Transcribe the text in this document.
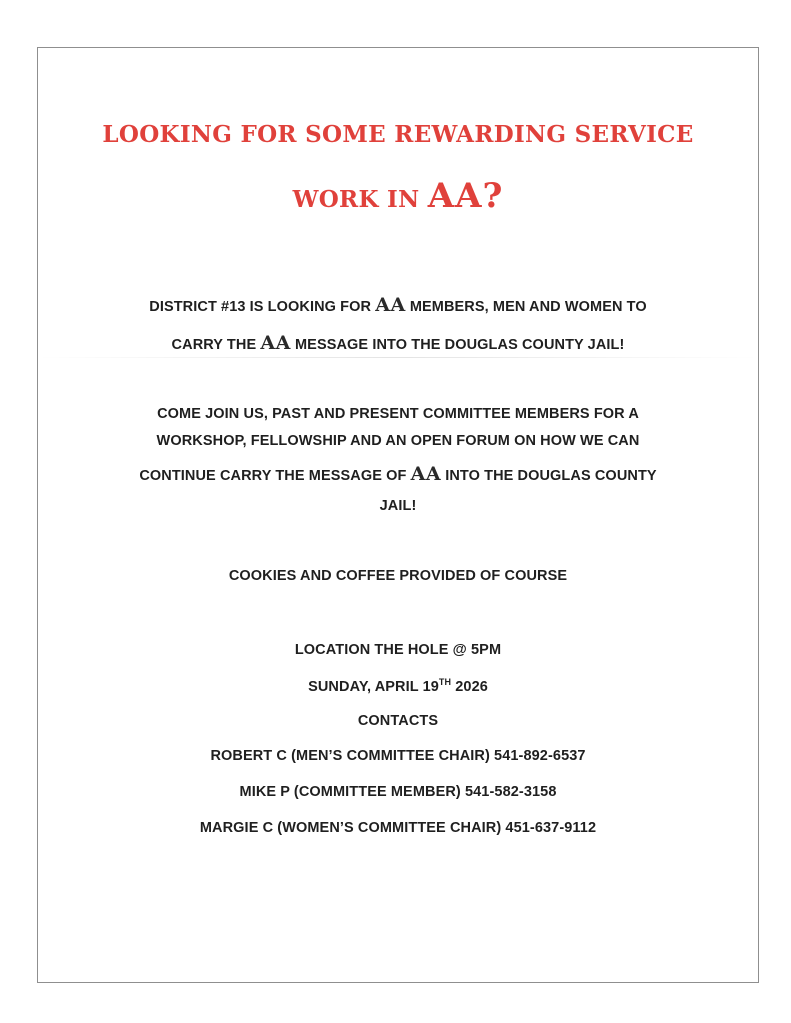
LOOKING FOR SOME REWARDING SERVICE
WORK IN AA?
DISTRICT #13 IS LOOKING FOR AA MEMBERS, MEN AND WOMEN TO
CARRY THE AA MESSAGE INTO THE DOUGLAS COUNTY JAIL!
COME JOIN US, PAST AND PRESENT COMMITTEE MEMBERS FOR A
WORKSHOP, FELLOWSHIP AND AN OPEN FORUM ON HOW WE CAN
CONTINUE CARRY THE MESSAGE OF AA INTO THE DOUGLAS COUNTY
JAIL!
COOKIES AND COFFEE PROVIDED OF COURSE
LOCATION THE HOLE @ 5PM
SUNDAY, APRIL 19TH 2026
CONTACTS
ROBERT C (MEN’S COMMITTEE CHAIR) 541-892-6537
MIKE P (COMMITTEE MEMBER) 541-582-3158
MARGIE C (WOMEN’S COMMITTEE CHAIR) 451-637-9112
